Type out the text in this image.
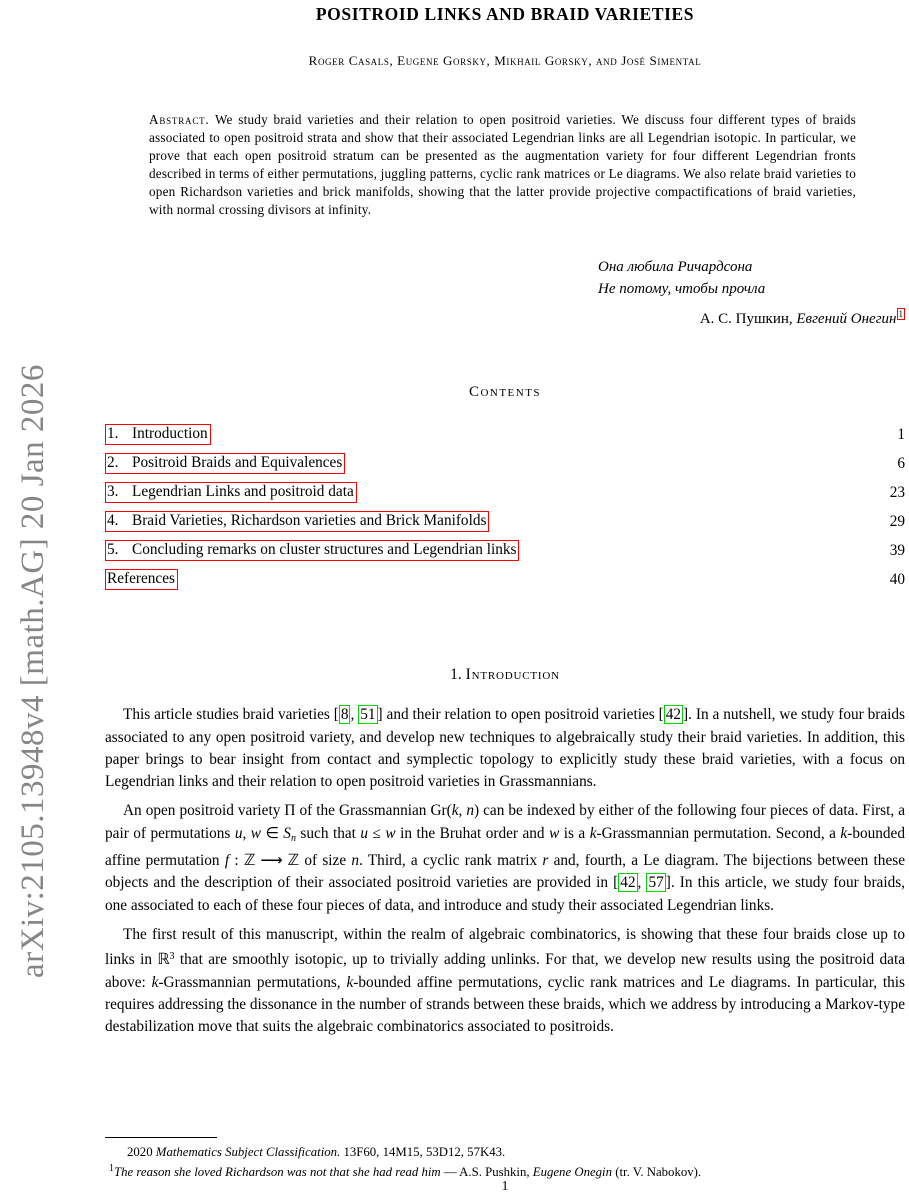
arXiv:2105.13948v4 [math.AG] 20 Jan 2026
POSITROID LINKS AND BRAID VARIETIES
Roger Casals, Eugene Gorsky, Mikhail Gorsky, and José Simental
Abstract. We study braid varieties and their relation to open positroid varieties. We discuss four different types of braids associated to open positroid strata and show that their associated Legendrian links are all Legendrian isotopic. In particular, we prove that each open positroid stratum can be presented as the augmentation variety for four different Legendrian fronts described in terms of either permutations, juggling patterns, cyclic rank matrices or Le diagrams. We also relate braid varieties to open Richardson varieties and brick manifolds, showing that the latter provide projective compactifications of braid varieties, with normal crossing divisors at infinity.
Она любила Ричардсона
Не потому, чтобы прочла
А. С. Пушкин, Евгений Онегин $^1$
Contents
1. Introduction	1
2. Positroid Braids and Equivalences	6
3. Legendrian Links and positroid data	23
4. Braid Varieties, Richardson varieties and Brick Manifolds	29
5. Concluding remarks on cluster structures and Legendrian links	39
References	40
1. Introduction

This article studies braid varieties [ 8 , 51 ] and their relation to open positroid varieties [ 42 ]. In a nutshell, we study four braids associated to any open positroid variety, and develop new techniques to algebraically study their braid varieties. In addition, this paper brings to bear insight from contact and symplectic topology to explicitly study these braid varieties, with a focus on Legendrian links and their relation to open positroid varieties in Grassmannians.

An open positroid variety Π of the Grassmannian Gr(k, n) can be indexed by either of the following four pieces of data. First, a pair of permutations u, w ∈ Sn such that u ≤ w in the Bruhat order and w is a k-Grassmannian permutation. Second, a k-bounded affine permutation f : ℤ ⟶ ℤ of size n. Third, a cyclic rank matrix r and, fourth, a Le diagram. The bijections between these objects and the description of their associated positroid varieties are provided in [ 42 , 57 ]. In this article, we study four braids, one associated to each of these four pieces of data, and introduce and study their associated Legendrian links.

The first result of this manuscript, within the realm of algebraic combinatorics, is showing that these four braids close up to links in ℝ$^3$ that are smoothly isotopic, up to trivially adding unlinks. For that, we develop new results using the positroid data above: k-Grassmannian permutations, k-bounded affine permutations, cyclic rank matrices and Le diagrams. In particular, this requires addressing the dissonance in the number of strands between these braids, which we address by introducing a Markov-type destabilization move that suits the algebraic combinatorics associated to positroids.

2020 Mathematics Subject Classification. 13F60, 14M15, 53D12, 57K43.
$^1$The reason she loved Richardson was not that she had read him — A.S. Pushkin, Eugene Onegin (tr. V. Nabokov).
1
